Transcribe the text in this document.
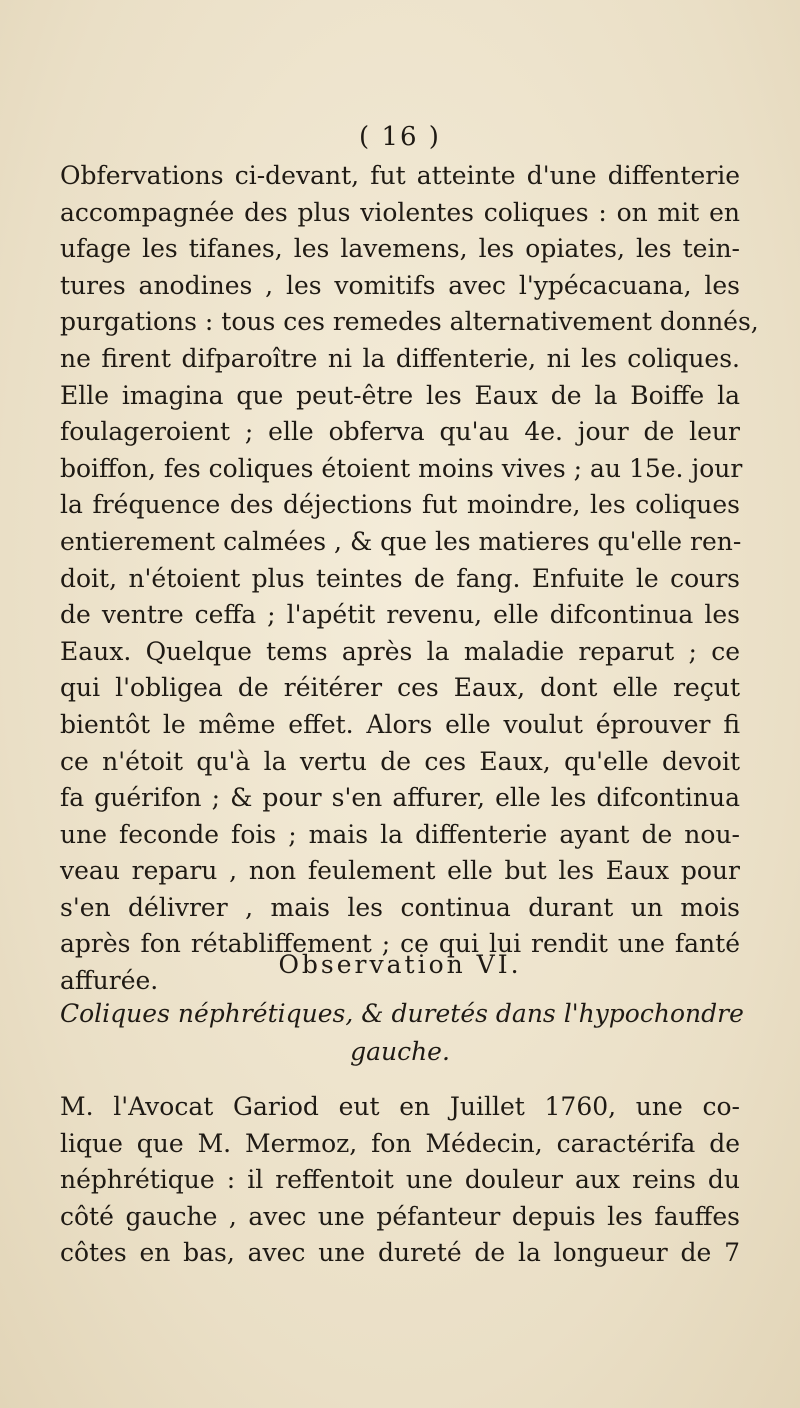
( 16 )
Obfervations ci-devant, fut atteinte d'une diffenterie
accompagnée des plus violentes coliques : on mit en
ufage les tifanes, les lavemens, les opiates, les tein-
tures anodines , les vomitifs avec l'ypécacuana, les
purgations : tous ces remedes alternativement donnés,
ne firent difparoître ni la diffenterie, ni les coliques.
Elle imagina que peut-être les Eaux de la Boiffe la
foulageroient ; elle obferva qu'au 4e. jour de leur
boiffon, fes coliques étoient moins vives ; au 15e. jour
la fréquence des déjections fut moindre, les coliques
entierement calmées , & que les matieres qu'elle ren-
doit, n'étoient plus teintes de fang. Enfuite le cours
de ventre ceffa ; l'apétit revenu, elle difcontinua les
Eaux. Quelque tems après la maladie reparut ; ce
qui l'obligea de réitérer ces Eaux, dont elle reçut
bientôt le même effet. Alors elle voulut éprouver fi
ce n'étoit qu'à la vertu de ces Eaux, qu'elle devoit
fa guérifon ; & pour s'en affurer, elle les difcontinua
une feconde fois ; mais la diffenterie ayant de nou-
veau reparu , non feulement elle but les Eaux pour
s'en délivrer , mais les continua durant un mois
après fon rétabliffement ; ce qui lui rendit une fanté
affurée.
Observation VI.
Coliques néphrétiques, & duretés dans l'hypochondre
gauche.
M. l'Avocat Gariod eut en Juillet 1760, une co-
lique que M. Mermoz, fon Médecin, caractérifa de
néphrétique : il reffentoit une douleur aux reins du
côté gauche , avec une péfanteur depuis les fauffes
côtes en bas, avec une dureté de la longueur de 7
